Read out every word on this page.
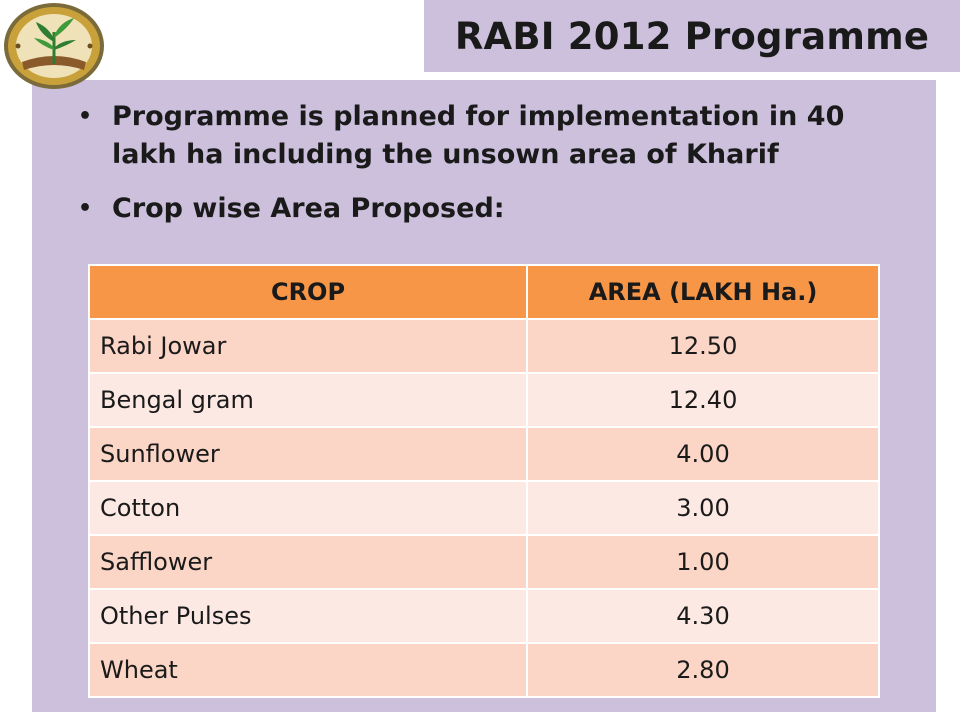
• Programme is planned for implementation in 40 lakh ha including the unsown area of Kharif
• Crop wise Area Proposed:
RABI 2012 Programme
CROP	AREA (LAKH Ha.)
Rabi Jowar	12.50
Bengal gram	12.40
Sunflower	4.00
Cotton	3.00
Safflower	1.00
Other Pulses	4.30
Wheat	2.80
